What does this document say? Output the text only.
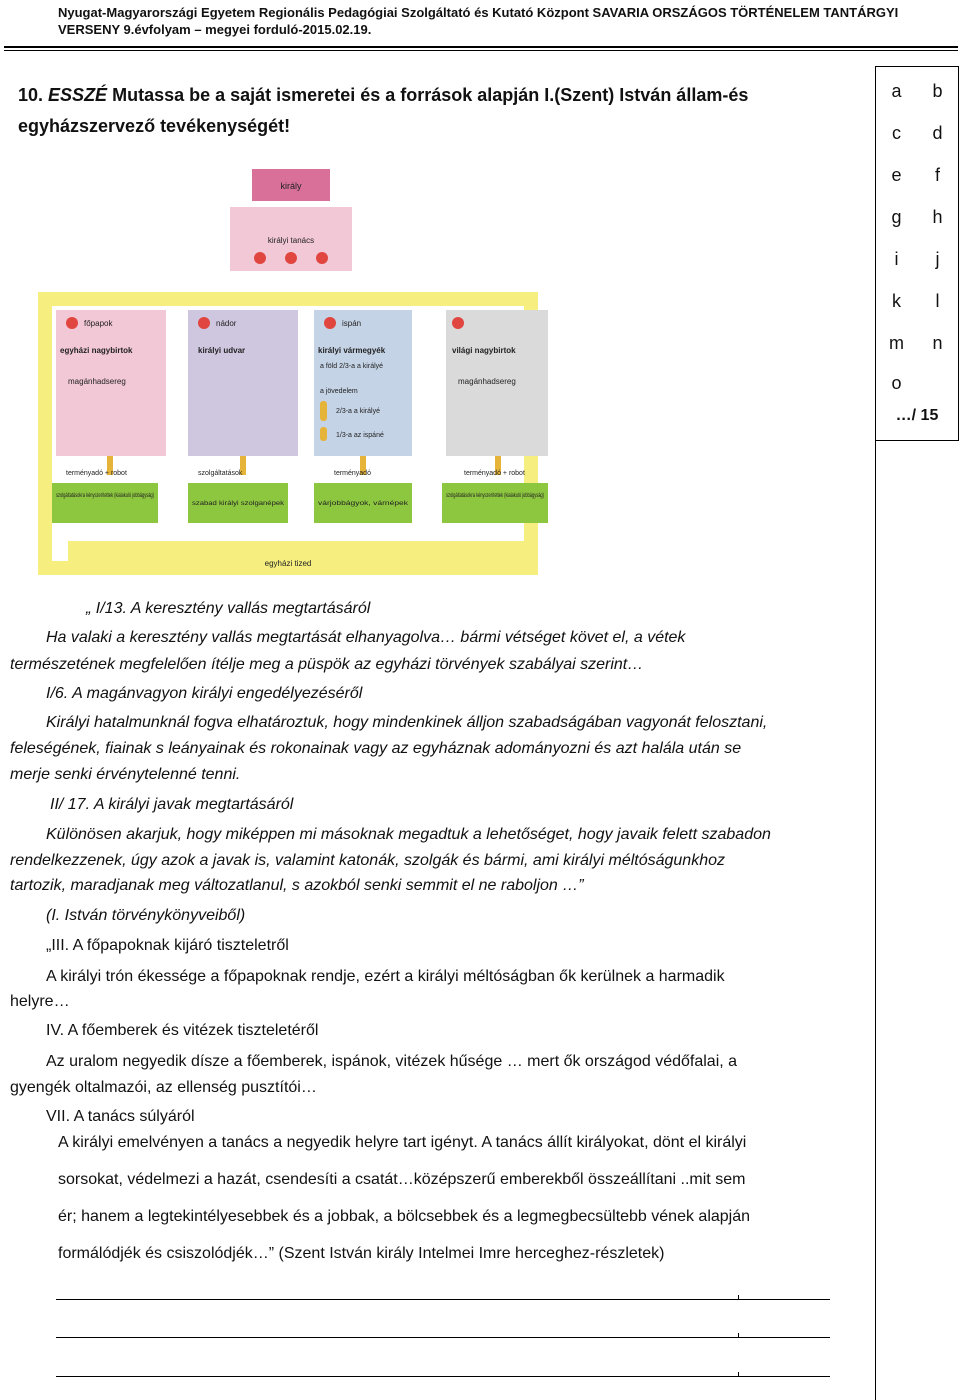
Nyugat-Magyarországi Egyetem Regionális Pedagógiai Szolgáltató és Kutató Központ SAVARIA ORSZÁGOS TÖRTÉNELEM TANTÁRGYI
VERSENY 9.évfolyam – megyei forduló-2015.02.19.
10. ESSZÉ Mutassa be a saját ismeretei és a források alapján I.(Szent) István állam-és
egyházszervező tevékenységét!
a	b
c	d
e	f
g	h
i	j
k	l
m	n
o
…/ 15
király
királyi tanács
főpapok
egyházi nagybirtok
magánhadsereg
nádor
királyi udvar
ispán
királyi vármegyék
a föld 2/3-a a királyé
a jövedelem
2/3-a a királyé
1/3-a az ispáné
világi nagybirtok
magánhadsereg
terményadó + robot	szolgáltatások	terményadó	terményadó + robot
szolgáltatásokra kényszerítettek (kialakuló jobbágyság)
szabad királyi szolganépek	várjobbágyok, várnépek
szolgáltatásokra kényszerítettek (kialakuló jobbágyság)
egyházi tized
„ I/13. A keresztény vallás megtartásáról
Ha valaki a keresztény vallás megtartását elhanyagolva… bármi vétséget követ el, a vétek
természetének megfelelően ítélje meg a püspök az egyházi törvények szabályai szerint…
I/6. A magánvagyon királyi engedélyezéséről
Királyi hatalmunknál fogva elhatároztuk, hogy mindenkinek álljon szabadságában vagyonát felosztani,
feleségének, fiainak s leányainak és rokonainak vagy az egyháznak adományozni és azt halála után se
merje senki érvénytelenné tenni.
II/ 17. A királyi javak megtartásáról
Különösen akarjuk, hogy miképpen mi másoknak megadtuk a lehetőséget, hogy javaik felett szabadon
rendelkezzenek, úgy azok a javak is, valamint katonák, szolgák és bármi, ami királyi méltóságunkhoz
tartozik, maradjanak meg változatlanul, s azokból senki semmit el ne raboljon …”
(I. István törvénykönyveiből)
„III. A főpapoknak kijáró tiszteletről
A királyi trón ékessége a főpapoknak rendje, ezért a királyi méltóságban ők kerülnek a harmadik
helyre…
IV. A főemberek és vitézek tiszteletéről
Az uralom negyedik dísze a főemberek, ispánok, vitézek hűsége … mert ők országod védőfalai, a
gyengék oltalmazói, az ellenség pusztítói…
VII. A tanács súlyáról
A királyi emelvényen a tanács a negyedik helyre tart igényt. A tanács állít királyokat, dönt el királyi
sorsokat, védelmezi a hazát, csendesíti a csatát…középszerű emberekből összeállítani ..mit sem
ér; hanem a legtekintélyesebbek és a jobbak, a bölcsebbek és a legmegbecsültebb vének alapján
formálódjék és csiszolódjék…” (Szent István király Intelmei Imre herceghez-részletek)
